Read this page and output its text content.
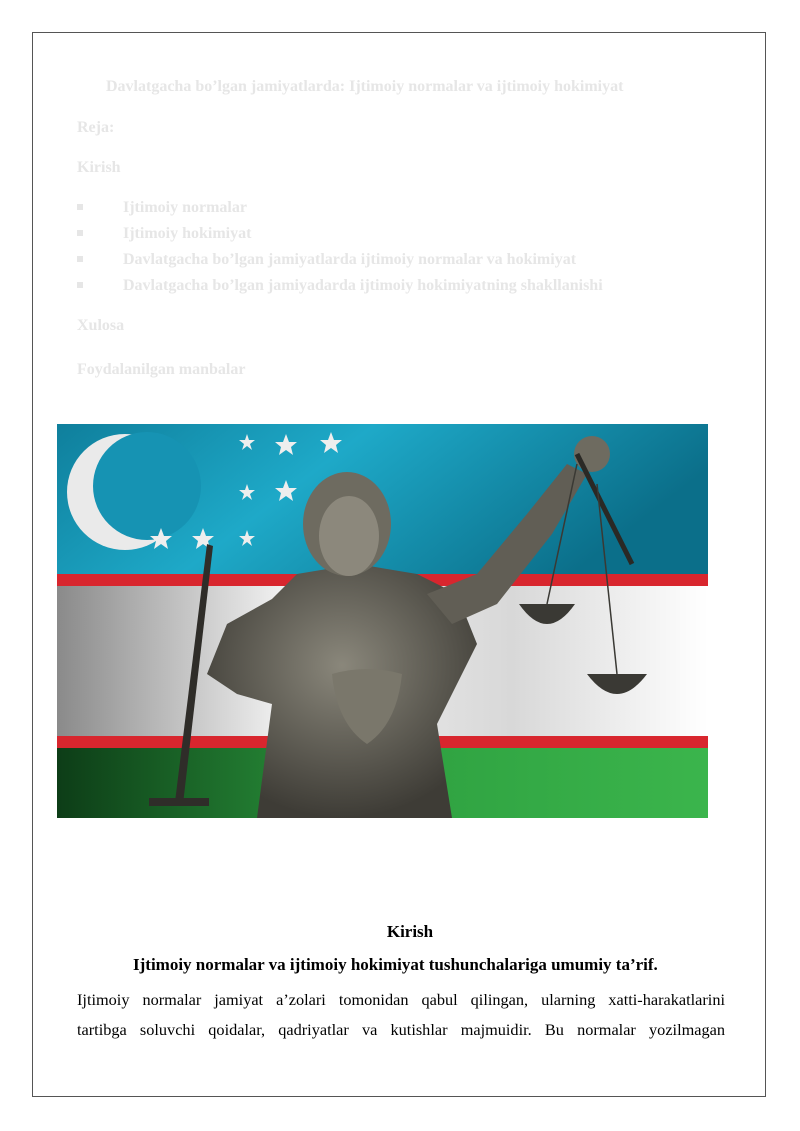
Davlatgacha bo’lgan jamiyatlarda: Ijtimoiy normalar va ijtimoiy hokimiyat
Reja:
Kirish
Ijtimoiy normalar
Ijtimoiy hokimiyat
Davlatgacha bo’lgan jamiyatlarda ijtimoiy normalar va hokimiyat
Davlatgacha bo’lgan jamiyadarda ijtimoiy hokimiyatning shakllanishi
Xulosa
Foydalanilgan manbalar
Kirish
Ijtimoiy normalar va ijtimoiy hokimiyat tushunchalariga umumiy ta’rif.
Ijtimoiy normalar jamiyat a’zolari tomonidan qabul qilingan, ularning xatti-harakatlarini
tartibga soluvchi qoidalar, qadriyatlar va kutishlar majmuidir. Bu normalar yozilmagan
